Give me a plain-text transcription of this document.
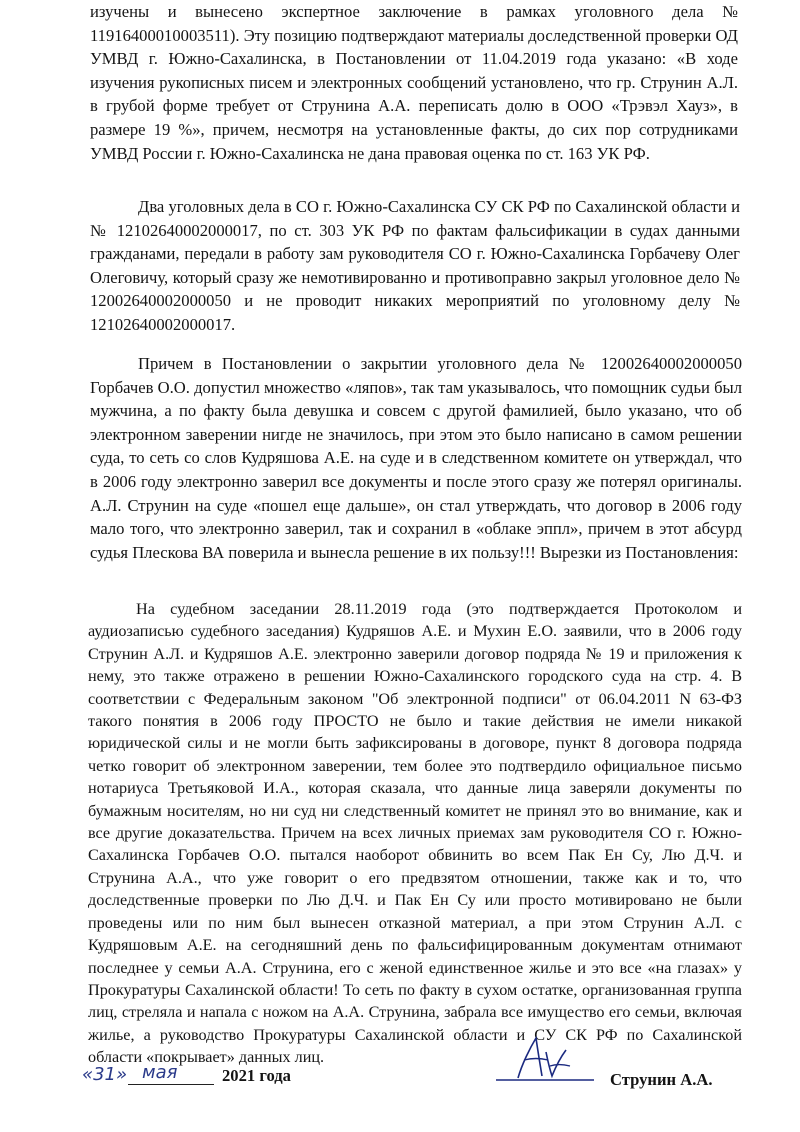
изучены и вынесено экспертное заключение в рамках уголовного дела № 11916400010003511). Эту позицию подтверждают материалы доследственной проверки ОД УМВД г. Южно-Сахалинска, в Постановлении от 11.04.2019 года указано: «В ходе изучения рукописных писем и электронных сообщений установлено, что гр. Струнин А.Л. в грубой форме требует от Струнина А.А. переписать долю в ООО «Трэвэл Хауз», в размере 19 %», причем, несмотря на установленные факты, до сих пор сотрудниками УМВД России г. Южно-Сахалинска не дана правовая оценка по ст. 163 УК РФ.

Два уголовных дела в СО г. Южно-Сахалинска СУ СК РФ по Сахалинской области и № 12102640002000017, по ст. 303 УК РФ по фактам фальсификации в судах данными гражданами, передали в работу зам руководителя СО г. Южно-Сахалинска Горбачеву Олег Олеговичу, который сразу же немотивированно и противоправно закрыл уголовное дело № 12002640002000050 и не проводит никаких мероприятий по уголовному делу № 12102640002000017.

Причем в Постановлении о закрытии уголовного дела № 12002640002000050 Горбачев О.О. допустил множество «ляпов», так там указывалось, что помощник судьи был мужчина, а по факту была девушка и совсем с другой фамилией, было указано, что об электронном заверении нигде не значилось, при этом это было написано в самом решении суда, то сеть со слов Кудряшова А.Е. на суде и в следственном комитете он утверждал, что в 2006 году электронно заверил все документы и после этого сразу же потерял оригиналы. А.Л. Струнин на суде «пошел еще дальше», он стал утверждать, что договор в 2006 году мало того, что электронно заверил, так и сохранил в «облаке эппл», причем в этот абсурд судья Плескова ВА поверила и вынесла решение в их пользу!!! Вырезки из Постановления:

На судебном заседании 28.11.2019 года (это подтверждается Протоколом и аудиозаписью судебного заседания) Кудряшов А.Е. и Мухин Е.О. заявили, что в 2006 году Струнин А.Л. и Кудряшов А.Е. электронно заверили договор подряда № 19 и приложения к нему, это также отражено в решении Южно-Сахалинского городского суда на стр. 4. В соответствии с Федеральным законом "Об электронной подписи" от 06.04.2011 N 63-ФЗ такого понятия в 2006 году ПРОСТО не было и такие действия не имели никакой юридической силы и не могли быть зафиксированы в договоре, пункт 8 договора подряда четко говорит об электронном заверении, тем более это подтвердило официальное письмо нотариуса Третьяковой И.А., которая сказала, что данные лица заверяли документы по бумажным носителям, но ни суд ни следственный комитет не принял это во внимание, как и все другие доказательства. Причем на всех личных приемах зам руководителя СО г. Южно-Сахалинска Горбачев О.О. пытался наоборот обвинить во всем Пак Ен Су, Лю Д.Ч. и Струнина А.А., что уже говорит о его предвзятом отношении, также как и то, что доследственные проверки по Лю Д.Ч. и Пак Ен Су или просто мотивировано не были проведены или по ним был вынесен отказной материал, а при этом Струнин А.Л. с Кудряшовым А.Е. на сегодняшний день по фальсифицированным документам отнимают последнее у семьи А.А. Струнина, его с женой единственное жилье и это все «на глазах» у Прокуратуры Сахалинской области! То сеть по факту в сухом остатке, организованная группа лиц, стреляла и напала с ножом на А.А. Струнина, забрала все имущество его семьи, включая жилье, а руководство Прокуратуры Сахалинской области и СУ СК РФ по Сахалинской области «покрывает» данных лиц.

«31» мая	2021 года	Струнин А.А.
